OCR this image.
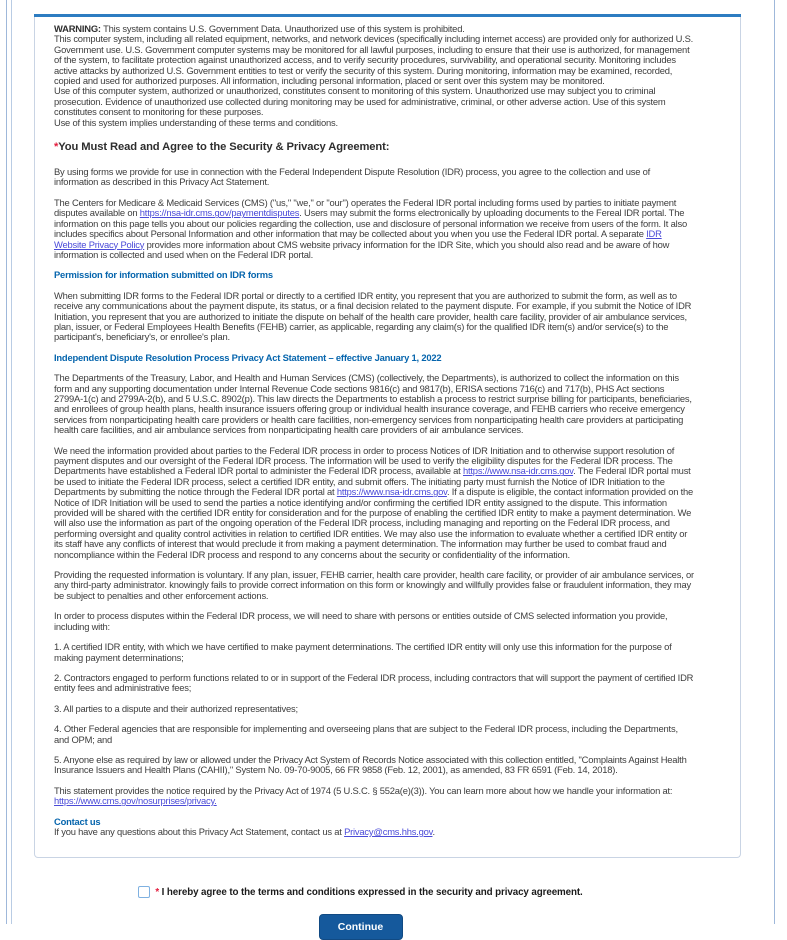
WARNING: This system contains U.S. Government Data. Unauthorized use of this system is prohibited.

This computer system, including all related equipment, networks, and network devices (specifically including internet access) are provided only for authorized U.S. Government use. U.S. Government computer systems may be monitored for all lawful purposes, including to ensure that their use is authorized, for management of the system, to facilitate protection against unauthorized access, and to verify security procedures, survivability, and operational security. Monitoring includes active attacks by authorized U.S. Government entities to test or verify the security of this system. During monitoring, information may be examined, recorded, copied and used for authorized purposes. All information, including personal information, placed or sent over this system may be monitored.

Use of this computer system, authorized or unauthorized, constitutes consent to monitoring of this system. Unauthorized use may subject you to criminal prosecution. Evidence of unauthorized use collected during monitoring may be used for administrative, criminal, or other adverse action. Use of this system constitutes consent to monitoring for these purposes.

Use of this system implies understanding of these terms and conditions.

*You Must Read and Agree to the Security & Privacy Agreement:

By using forms we provide for use in connection with the Federal Independent Dispute Resolution (IDR) process, you agree to the collection and use of information as described in this Privacy Act Statement.

The Centers for Medicare & Medicaid Services (CMS) ("us," "we," or "our") operates the Federal IDR portal including forms used by parties to initiate payment disputes available on https://nsa-idr.cms.gov/paymentdisputes. Users may submit the forms electronically by uploading documents to the Fereal IDR portal. The information on this page tells you about our policies regarding the collection, use and disclosure of personal information we receive from users of the form. It also includes specifics about Personal Information and other information that may be collected about you when you use the Federal IDR portal. A separate IDR Website Privacy Policy provides more information about CMS website privacy information for the IDR Site, which you should also read and be aware of how information is collected and used when on the Federal IDR portal.

Permission for information submitted on IDR forms

When submitting IDR forms to the Federal IDR portal or directly to a certified IDR entity, you represent that you are authorized to submit the form, as well as to receive any communications about the payment dispute, its status, or a final decision related to the payment dispute. For example, if you submit the Notice of IDR Initiation, you represent that you are authorized to initiate the dispute on behalf of the health care provider, health care facility, provider of air ambulance services, plan, issuer, or Federal Employees Health Benefits (FEHB) carrier, as applicable, regarding any claim(s) for the qualified IDR item(s) and/or service(s) to the participant's, beneficiary's, or enrollee's plan.

Independent Dispute Resolution Process Privacy Act Statement – effective January 1, 2022

The Departments of the Treasury, Labor, and Health and Human Services (CMS) (collectively, the Departments), is authorized to collect the information on this form and any supporting documentation under Internal Revenue Code sections 9816(c) and 9817(b), ERISA sections 716(c) and 717(b), PHS Act sections 2799A-1(c) and 2799A-2(b), and 5 U.S.C. 8902(p). This law directs the Departments to establish a process to restrict surprise billing for participants, beneficiaries, and enrollees of group health plans, health insurance issuers offering group or individual health insurance coverage, and FEHB carriers who receive emergency services from nonparticipating health care providers or health care facilities, non-emergency services from nonparticipating health care providers at participating health care facilities, and air ambulance services from nonparticipating health care providers of air ambulance services.

We need the information provided about parties to the Federal IDR process in order to process Notices of IDR Initiation and to otherwise support resolution of payment disputes and our oversight of the Federal IDR process. The information will be used to verify the eligibility disputes for the Federal IDR process. The Departments have established a Federal IDR portal to administer the Federal IDR process, available at https://www.nsa-idr.cms.gov. The Federal IDR portal must be used to initiate the Federal IDR process, select a certified IDR entity, and submit offers. The initiating party must furnish the Notice of IDR Initiation to the Departments by submitting the notice through the Federal IDR portal at https://www.nsa-idr.cms.gov. If a dispute is eligible, the contact information provided on the Notice of IDR Initiation will be used to send the parties a notice identifying and/or confirming the certified IDR entity assigned to the dispute. This information provided will be shared with the certified IDR entity for consideration and for the purpose of enabling the certified IDR entity to make a payment determination. We will also use the information as part of the ongoing operation of the Federal IDR process, including managing and reporting on the Federal IDR process, and performing oversight and quality control activities in relation to certified IDR entities. We may also use the information to evaluate whether a certified IDR entity or its staff have any conflicts of interest that would preclude it from making a payment determination. The information may further be used to combat fraud and noncompliance within the Federal IDR process and respond to any concerns about the security or confidentiality of the information.

Providing the requested information is voluntary. If any plan, issuer, FEHB carrier, health care provider, health care facility, or provider of air ambulance services, or any third-party administrator. knowingly fails to provide correct information on this form or knowingly and willfully provides false or fraudulent information, they may be subject to penalties and other enforcement actions.

In order to process disputes within the Federal IDR process, we will need to share with persons or entities outside of CMS selected information you provide, including with:

1. A certified IDR entity, with which we have certified to make payment determinations. The certified IDR entity will only use this information for the purpose of making payment determinations;

2. Contractors engaged to perform functions related to or in support of the Federal IDR process, including contractors that will support the payment of certified IDR entity fees and administrative fees;

3. All parties to a dispute and their authorized representatives;

4. Other Federal agencies that are responsible for implementing and overseeing plans that are subject to the Federal IDR process, including the Departments, and OPM; and

5. Anyone else as required by law or allowed under the Privacy Act System of Records Notice associated with this collection entitled, "Complaints Against Health Insurance Issuers and Health Plans (CAHII)," System No. 09-70-9005, 66 FR 9858 (Feb. 12, 2001), as amended, 83 FR 6591 (Feb. 14, 2018).

This statement provides the notice required by the Privacy Act of 1974 (5 U.S.C. § 552a(e)(3)). You can learn more about how we handle your information at:

https://www.cms.gov/nosurprises/privacy.

Contact us

If you have any questions about this Privacy Act Statement, contact us at Privacy@cms.hhs.gov.

* I hereby agree to the terms and conditions expressed in the security and privacy agreement.
Continue
